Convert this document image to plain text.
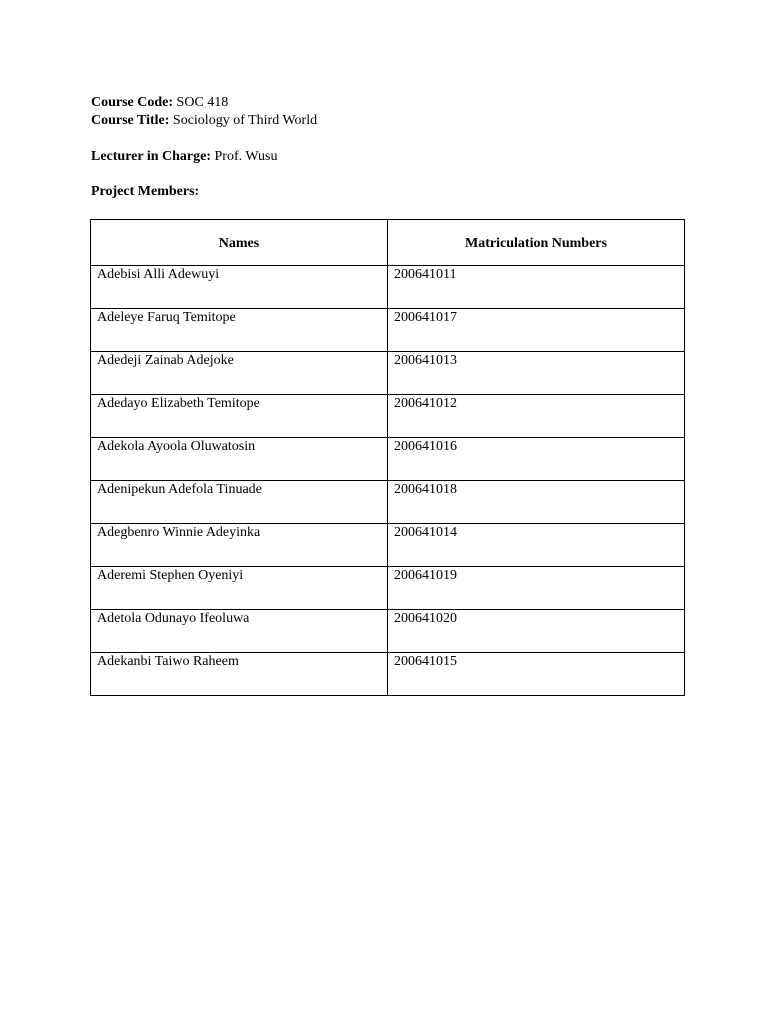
Course Code: SOC 418
Course Title: Sociology of Third World
Lecturer in Charge: Prof. Wusu
Project Members:
Names	Matriculation Numbers
Adebisi Alli Adewuyi	200641011
Adeleye Faruq Temitope	200641017
Adedeji Zainab Adejoke	200641013
Adedayo Elizabeth Temitope	200641012
Adekola Ayoola Oluwatosin	200641016
Adenipekun Adefola Tinuade	200641018
Adegbenro Winnie Adeyinka	200641014
Aderemi Stephen Oyeniyi	200641019
Adetola Odunayo Ifeoluwa	200641020
Adekanbi Taiwo Raheem	200641015
